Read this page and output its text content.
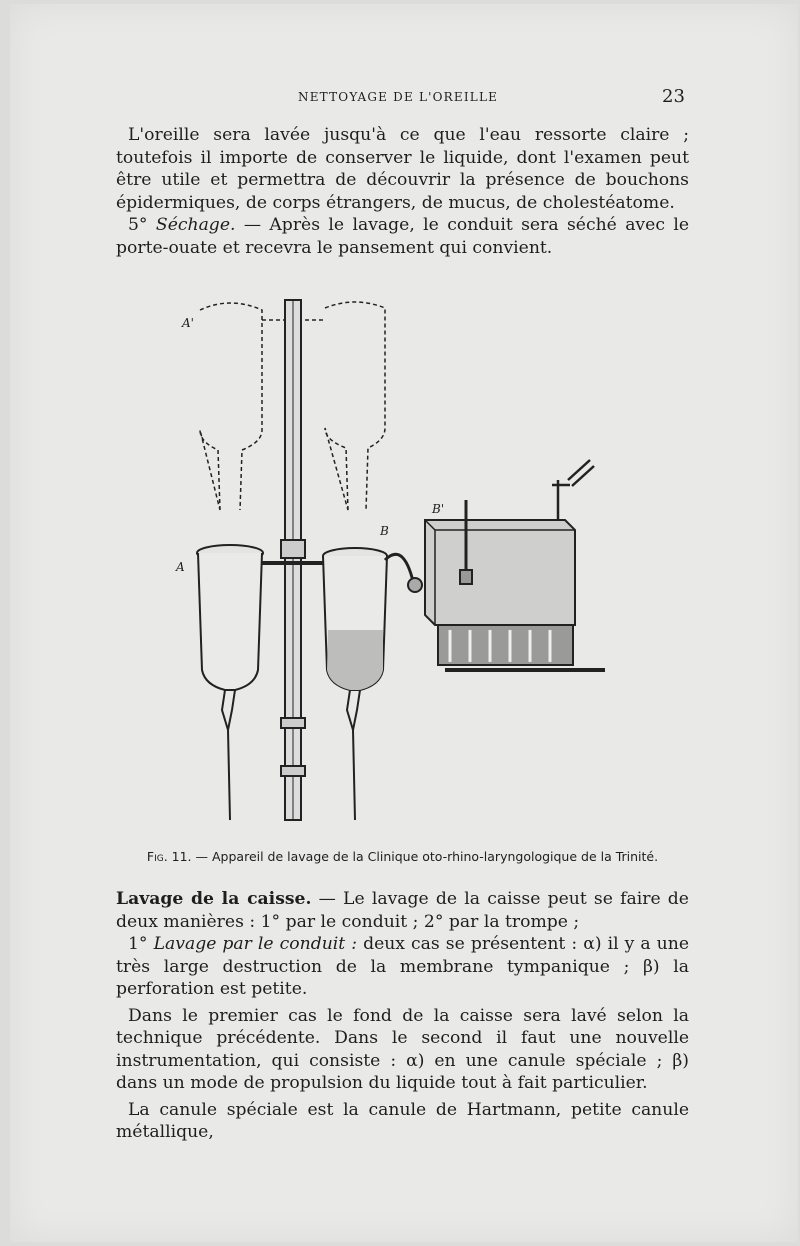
NETTOYAGE DE L'OREILLE	23

L'oreille sera lavée jusqu'à ce que l'eau ressorte claire ; toutefois il importe de conserver le liquide, dont l'examen peut être utile et permettra de découvrir la présence de bouchons épidermiques, de corps étrangers, de mucus, de cholestéatome.

5° Séchage. — Après le lavage, le conduit sera séché avec le porte-ouate et recevra le pansement qui convient.

A'
A
B
B'
Fig. 11. — Appareil de lavage de la Clinique oto-rhino-laryngologique de la Trinité.

Lavage de la caisse. — Le lavage de la caisse peut se faire de deux manières : 1° par le conduit ; 2° par la trompe ;

1° Lavage par le conduit : deux cas se présentent : α) il y a une très large destruction de la membrane tympanique ; β) la perforation est petite.

Dans le premier cas le fond de la caisse sera lavé selon la technique précédente. Dans le second il faut une nouvelle instrumentation, qui consiste : α) en une canule spéciale ; β) dans un mode de propulsion du liquide tout à fait particulier.

La canule spéciale est la canule de Hartmann, petite canule métallique,
